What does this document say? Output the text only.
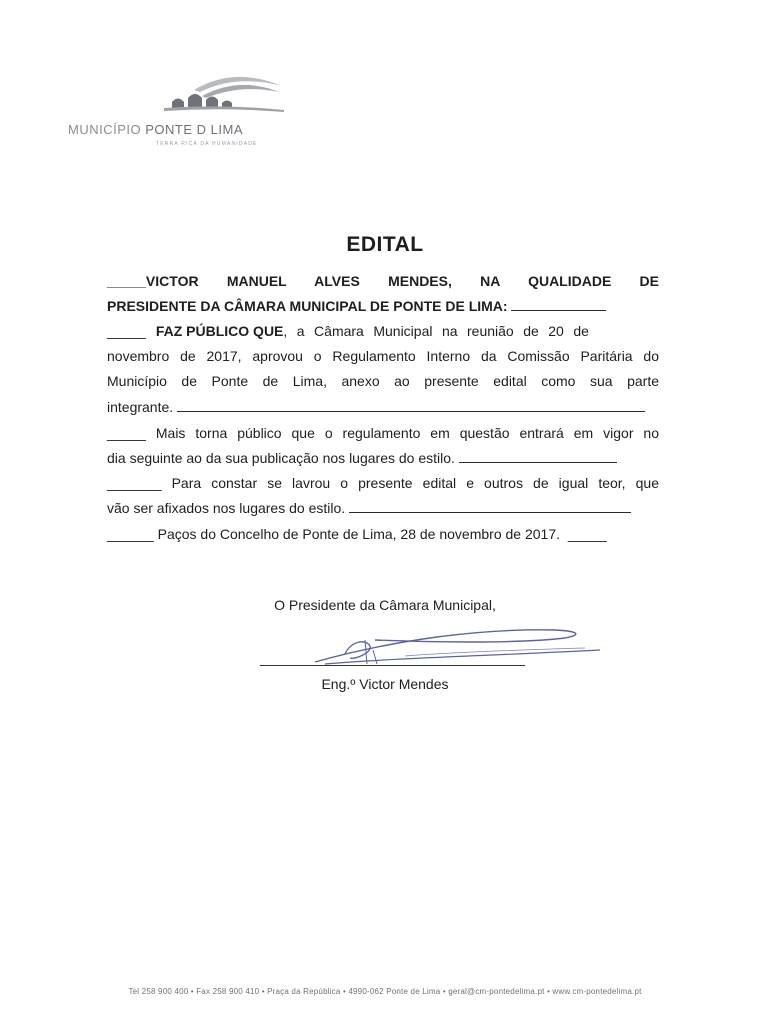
MUNICÍPIO PONTE D LIMA
TERRA RICA DA HUMANIDADE
EDITAL
_____VICTOR MANUEL ALVES MENDES, NA QUALIDADE DE
PRESIDENTE DA CÂMARA MUNICIPAL DE PONTE DE LIMA:
_____ FAZ PÚBLICO QUE, a Câmara Municipal na reunião de 20 de
novembro de 2017, aprovou o Regulamento Interno da Comissão Paritária do
Município de Ponte de Lima, anexo ao presente edital como sua parte
integrante.
_____ Mais torna público que o regulamento em questão entrará em vigor no
dia seguinte ao da sua publicação nos lugares do estilo.
_______ Para constar se lavrou o presente edital e outros de igual teor, que
vão ser afixados nos lugares do estilo.
______ Paços do Concelho de Ponte de Lima, 28 de novembro de 2017. _____
O Presidente da Câmara Municipal,
Eng.º Victor Mendes
Tel 258 900 400 • Fax 258 900 410 • Praça da República • 4990-062 Ponte de Lima • geral@cm-pontedelima.pt • www.cm-pontedelima.pt
